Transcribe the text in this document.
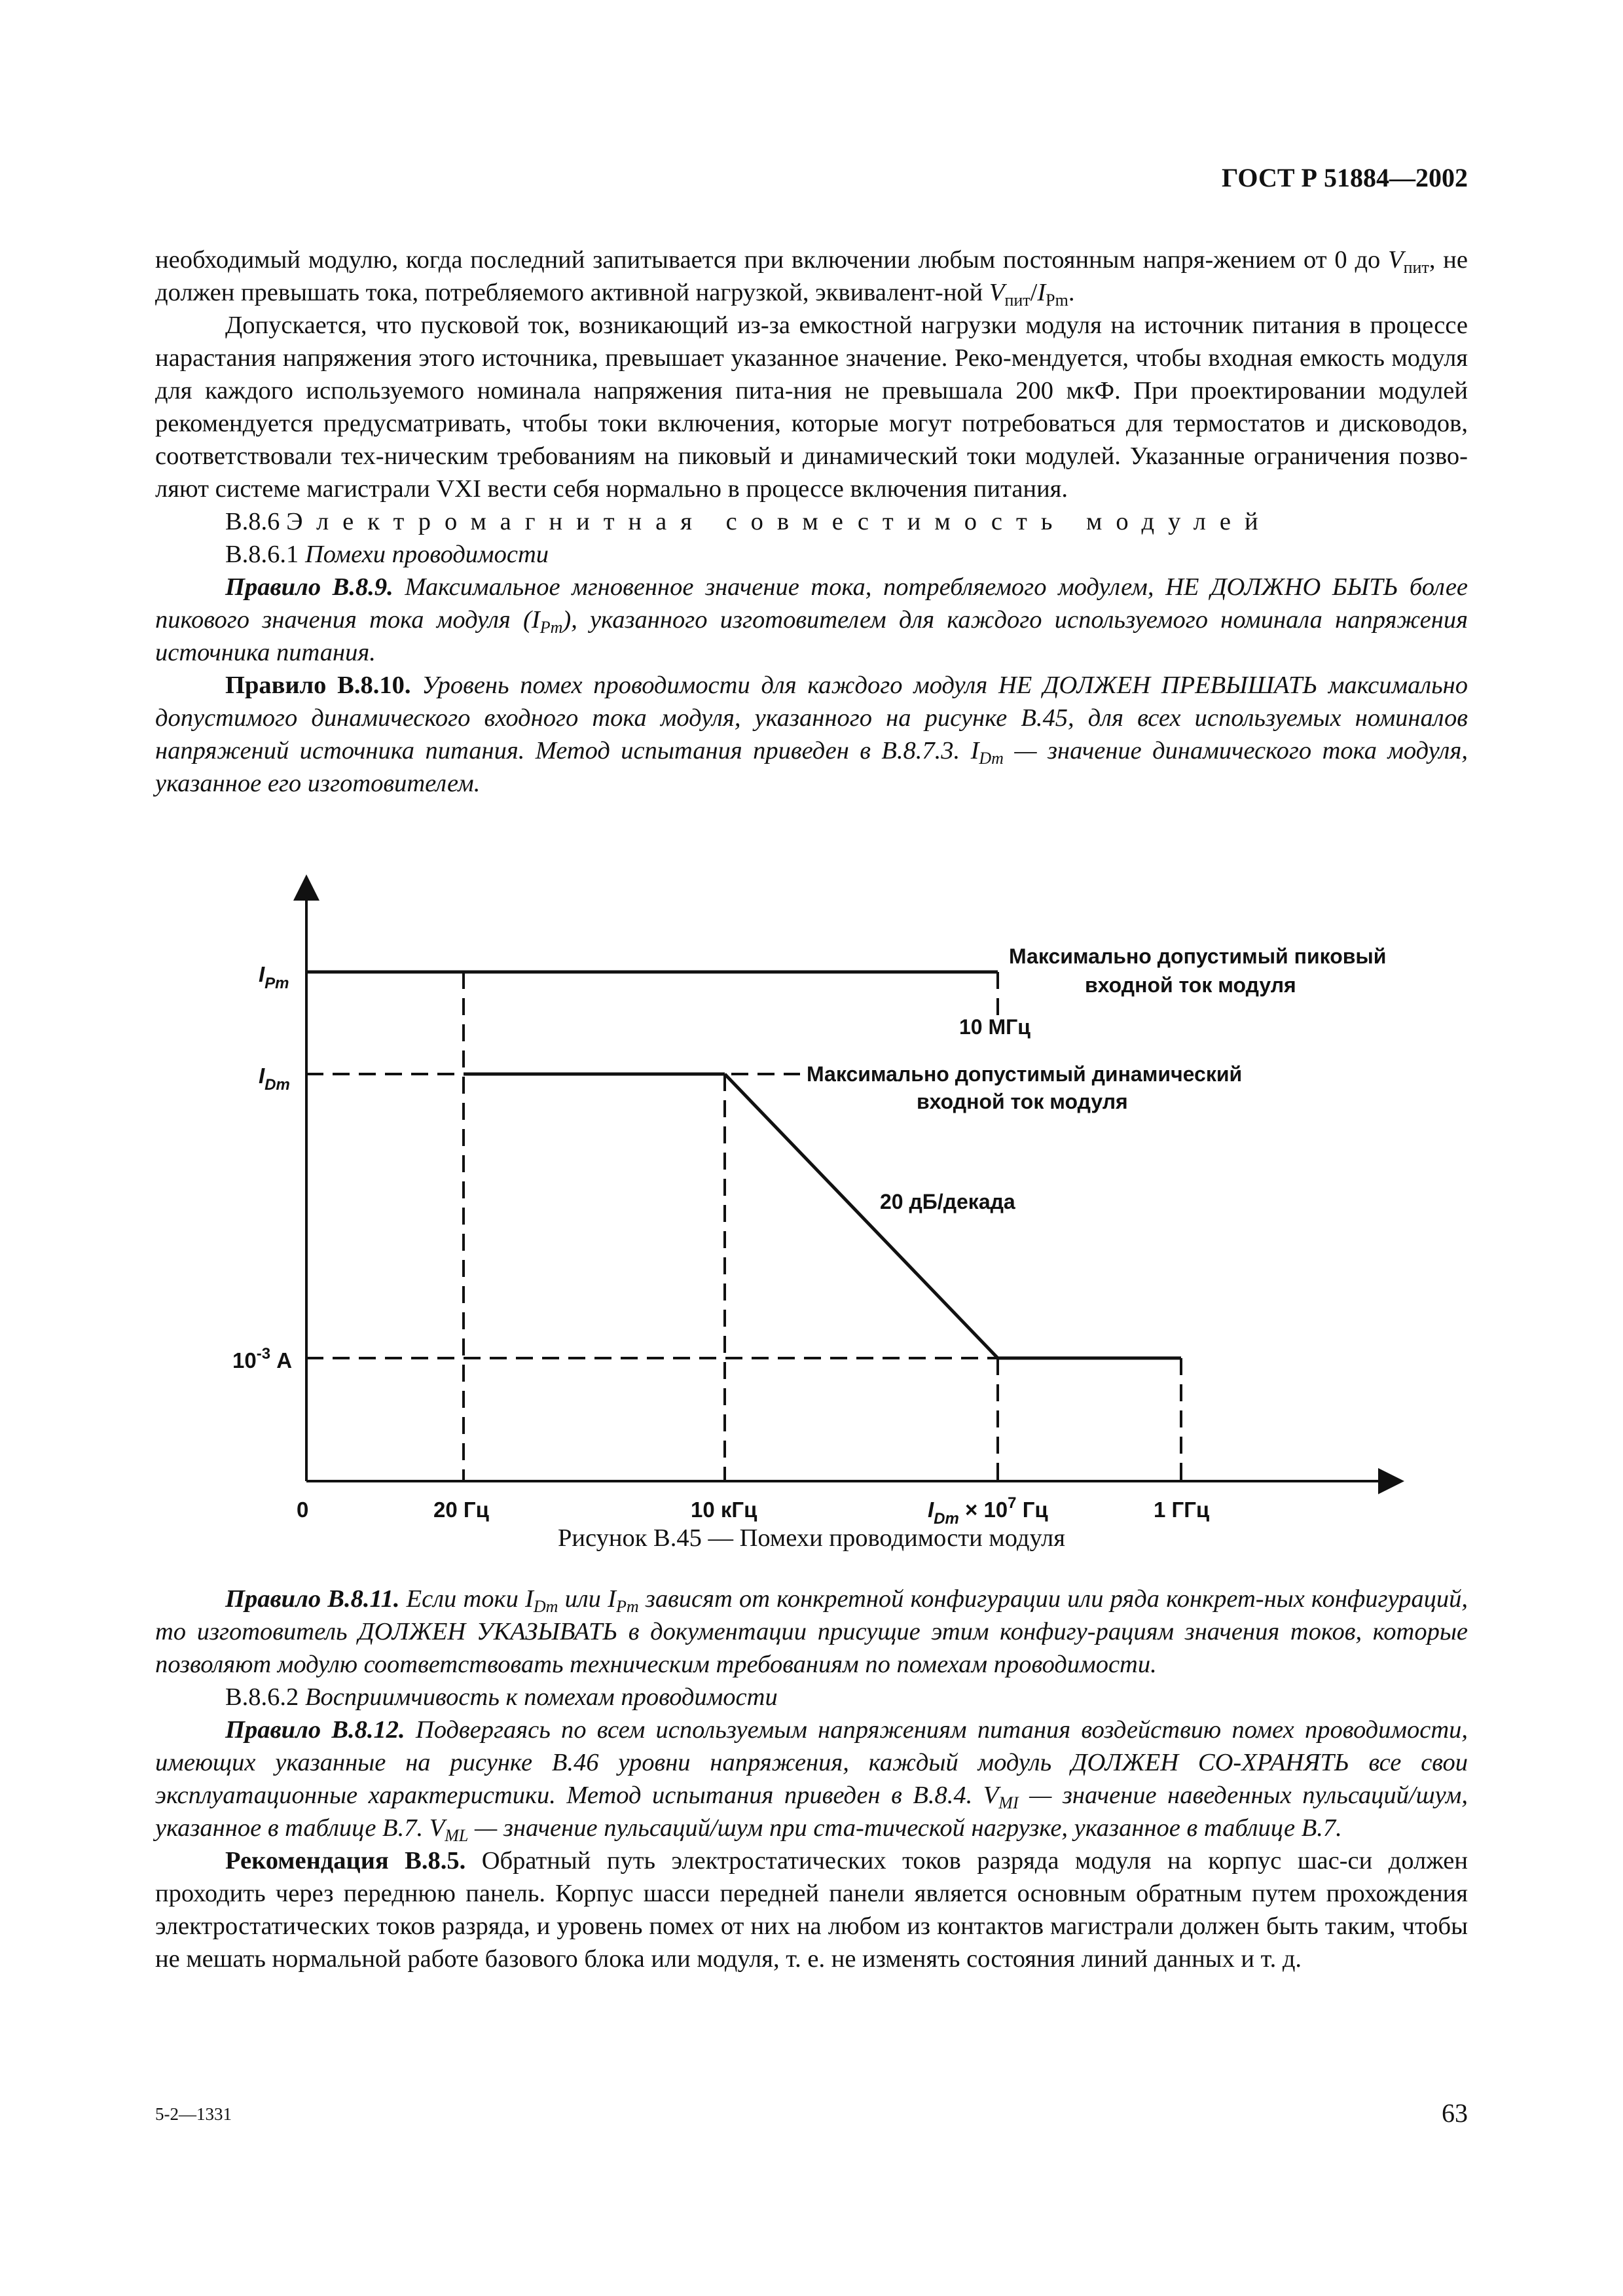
ГОСТ Р 51884—2002

необходимый модулю, когда последний запитывается при включении любым постоянным напря-жением от 0 до $V_{пит}$, не должен превышать тока, потребляемого активной нагрузкой, эквивалент-ной $V_{пит}/I_{Pm}$.

Допускается, что пусковой ток, возникающий из-за емкостной нагрузки модуля на источник питания в процессе нарастания напряжения этого источника, превышает указанное значение. Реко-мендуется, чтобы входная емкость модуля для каждого используемого номинала напряжения пита-ния не превышала 200 мкФ. При проектировании модулей рекомендуется предусматривать, чтобы токи включения, которые могут потребоваться для термостатов и дисководов, соответствовали тех-ническим требованиям на пиковый и динамический токи модулей. Указанные ограничения позво-ляют системе магистрали VXI вести себя нормально в процессе включения питания.

В.8.6 Электромагнитная совместимость модулей

В.8.6.1 Помехи проводимости

Правило В.8.9. Максимальное мгновенное значение тока, потребляемого модулем, НЕ ДОЛЖНО БЫТЬ более пикового значения тока модуля $(I_{Pm})$, указанного изготовителем для каждого используемого номинала напряжения источника питания.

Правило В.8.10. Уровень помех проводимости для каждого модуля НЕ ДОЛЖЕН ПРЕВЫШАТЬ максимально допустимого динамического входного тока модуля, указанного на рисунке В.45, для всех используемых номиналов напряжений источника питания. Метод испытания приведен в В.8.7.3. $I_{Dm}$ — значение динамического тока модуля, указанное его изготовителем.

$I_{Pm}$
$I_{Dm}$
$10^{-3}$ А
0	20 Гц	10 кГц	$I_{Dm} \times 10^7$ Гц	1 ГГц
Максимально допустимый пиковый
входной ток модуля
10 МГц
Максимально допустимый динамический
входной ток модуля
20 дБ/декада
Рисунок В.45 — Помехи проводимости модуля

Правило В.8.11. Если токи $I_{Dm}$ или $I_{Pm}$ зависят от конкретной конфигурации или ряда конкрет-ных конфигураций, то изготовитель ДОЛЖЕН УКАЗЫВАТЬ в документации присущие этим конфигу-рациям значения токов, которые позволяют модулю соответствовать техническим требованиям по помехам проводимости.

В.8.6.2 Восприимчивость к помехам проводимости

Правило В.8.12. Подвергаясь по всем используемым напряжениям питания воздействию помех проводимости, имеющих указанные на рисунке В.46 уровни напряжения, каждый модуль ДОЛЖЕН СО-ХРАНЯТЬ все свои эксплуатационные характеристики. Метод испытания приведен в В.8.4. $V_{MI}$ — значение наведенных пульсаций/шум, указанное в таблице В.7. $V_{ML}$ — значение пульсаций/шум при ста-тической нагрузке, указанное в таблице В.7.

Рекомендация В.8.5. Обратный путь электростатических токов разряда модуля на корпус шас-си должен проходить через переднюю панель. Корпус шасси передней панели является основным обратным путем прохождения электростатических токов разряда, и уровень помех от них на любом из контактов магистрали должен быть таким, чтобы не мешать нормальной работе базового блока или модуля, т. е. не изменять состояния линий данных и т. д.

5-2—1331	63
